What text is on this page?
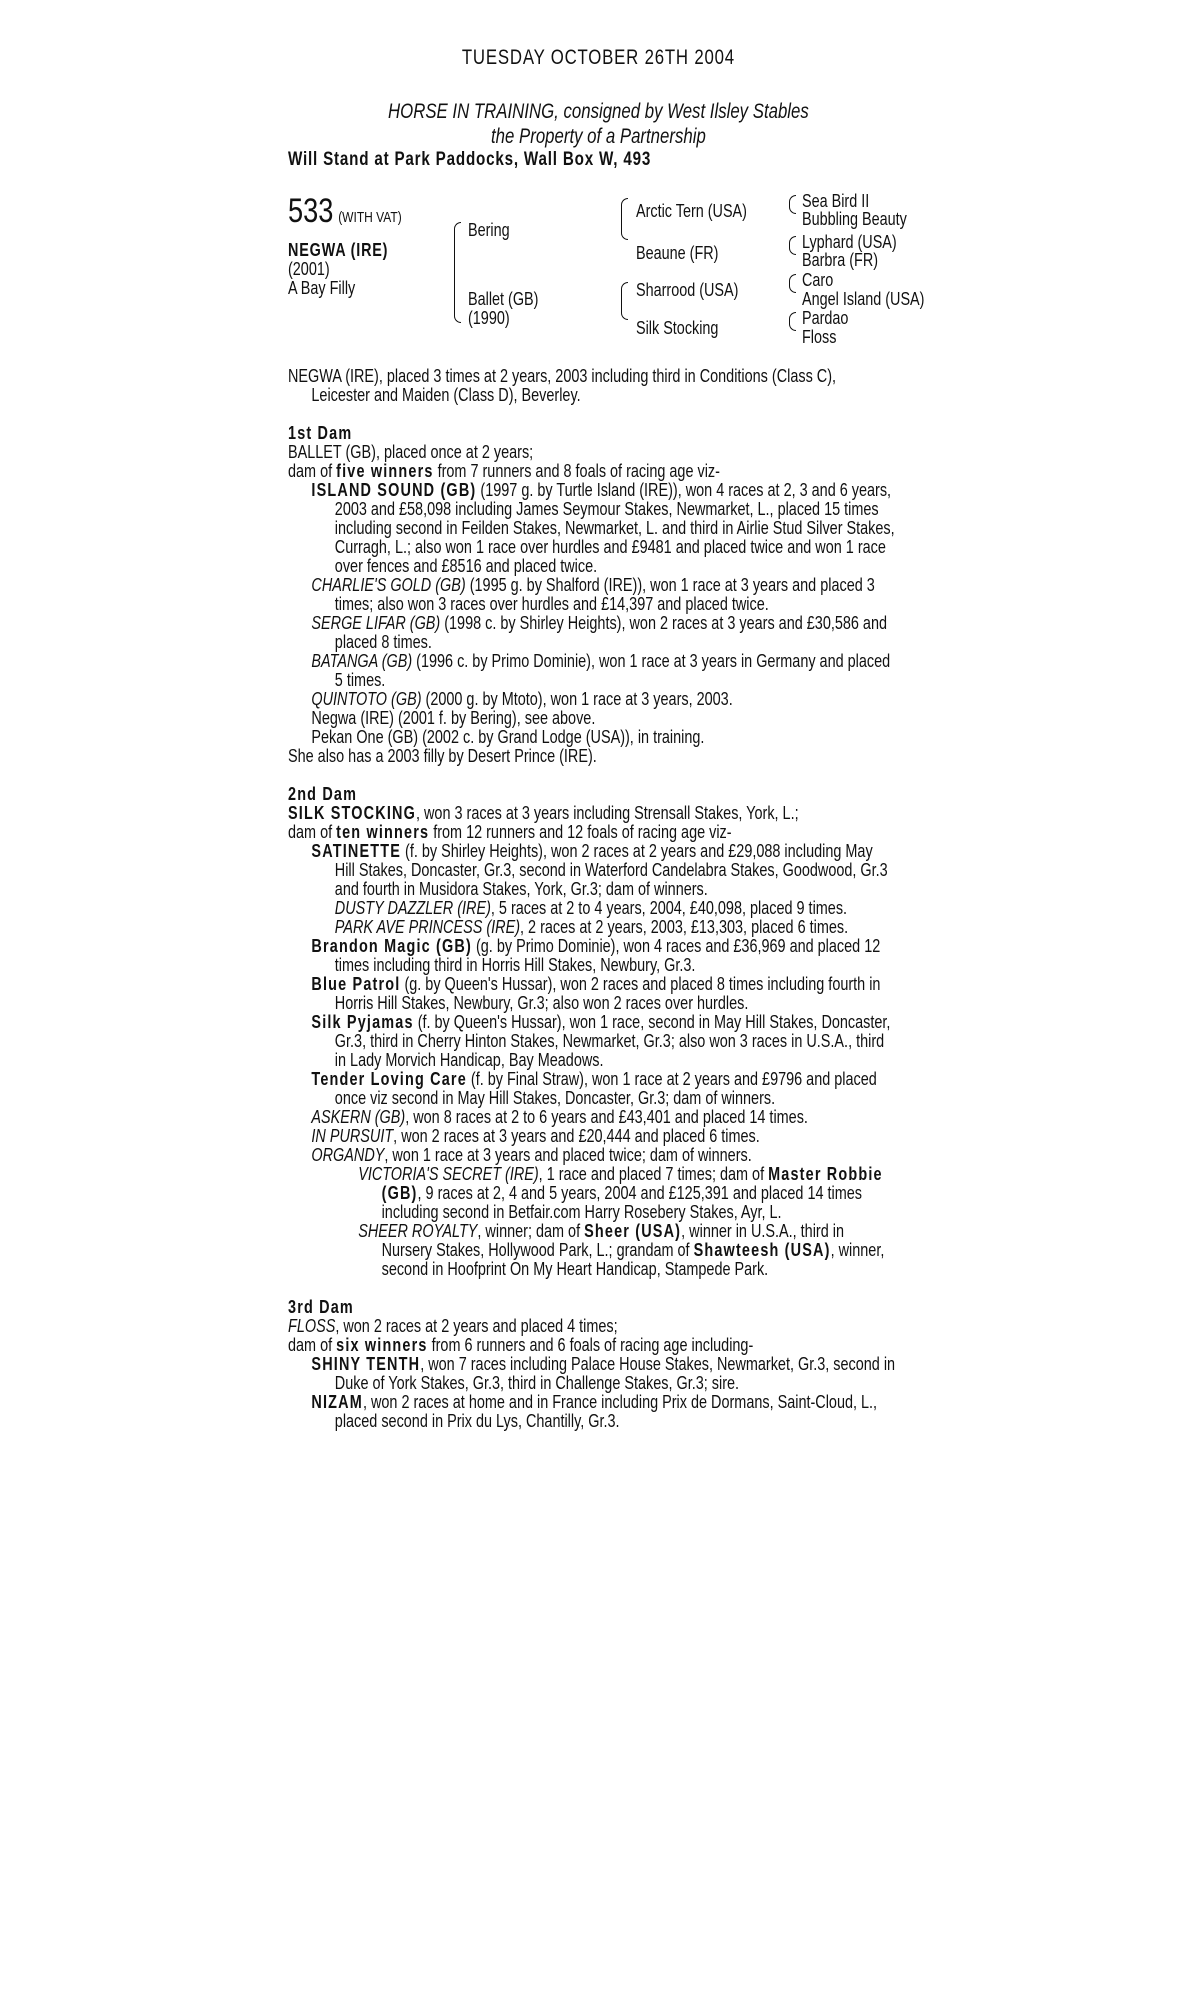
TUESDAY OCTOBER 26TH 2004
HORSE IN TRAINING, consigned by West Ilsley Stables
the Property of a Partnership
Will Stand at Park Paddocks, Wall Box W, 493
533 (WITH VAT)
NEGWA (IRE)
(2001)
A Bay Filly
Bering
Ballet (GB)
(1990)
Arctic Tern (USA)
Beaune (FR)
Sharrood (USA)
Silk Stocking
Sea Bird II
Bubbling Beauty
Lyphard (USA)
Barbra (FR)
Caro
Angel Island (USA)
Pardao
Floss

NEGWA (IRE), placed 3 times at 2 years, 2003 including third in Conditions (Class C),

Leicester and Maiden (Class D), Beverley.

1st Dam

BALLET (GB), placed once at 2 years;

dam of five winners from 7 runners and 8 foals of racing age viz-

ISLAND SOUND (GB) (1997 g. by Turtle Island (IRE)), won 4 races at 2, 3 and 6 years, 2003 and £58,098 including James Seymour Stakes, Newmarket, L., placed 15 times including second in Feilden Stakes, Newmarket, L. and third in Airlie Stud Silver Stakes, Curragh, L.; also won 1 race over hurdles and £9481 and placed twice and won 1 race over fences and £8516 and placed twice.

CHARLIE'S GOLD (GB) (1995 g. by Shalford (IRE)), won 1 race at 3 years and placed 3 times; also won 3 races over hurdles and £14,397 and placed twice.

SERGE LIFAR (GB) (1998 c. by Shirley Heights), won 2 races at 3 years and £30,586 and placed 8 times.

BATANGA (GB) (1996 c. by Primo Dominie), won 1 race at 3 years in Germany and placed 5 times.

QUINTOTO (GB) (2000 g. by Mtoto), won 1 race at 3 years, 2003.

Negwa (IRE) (2001 f. by Bering), see above.

Pekan One (GB) (2002 c. by Grand Lodge (USA)), in training.

She also has a 2003 filly by Desert Prince (IRE).

2nd Dam

SILK STOCKING, won 3 races at 3 years including Strensall Stakes, York, L.;

dam of ten winners from 12 runners and 12 foals of racing age viz-

SATINETTE (f. by Shirley Heights), won 2 races at 2 years and £29,088 including May Hill Stakes, Doncaster, Gr.3, second in Waterford Candelabra Stakes, Goodwood, Gr.3 and fourth in Musidora Stakes, York, Gr.3; dam of winners.

DUSTY DAZZLER (IRE), 5 races at 2 to 4 years, 2004, £40,098, placed 9 times.

PARK AVE PRINCESS (IRE), 2 races at 2 years, 2003, £13,303, placed 6 times.

Brandon Magic (GB) (g. by Primo Dominie), won 4 races and £36,969 and placed 12 times including third in Horris Hill Stakes, Newbury, Gr.3.

Blue Patrol (g. by Queen's Hussar), won 2 races and placed 8 times including fourth in Horris Hill Stakes, Newbury, Gr.3; also won 2 races over hurdles.

Silk Pyjamas (f. by Queen's Hussar), won 1 race, second in May Hill Stakes, Doncaster, Gr.3, third in Cherry Hinton Stakes, Newmarket, Gr.3; also won 3 races in U.S.A., third in Lady Morvich Handicap, Bay Meadows.

Tender Loving Care (f. by Final Straw), won 1 race at 2 years and £9796 and placed once viz second in May Hill Stakes, Doncaster, Gr.3; dam of winners.

ASKERN (GB), won 8 races at 2 to 6 years and £43,401 and placed 14 times.

IN PURSUIT, won 2 races at 3 years and £20,444 and placed 6 times.

ORGANDY, won 1 race at 3 years and placed twice; dam of winners.

VICTORIA'S SECRET (IRE), 1 race and placed 7 times; dam of Master Robbie (GB), 9 races at 2, 4 and 5 years, 2004 and £125,391 and placed 14 times including second in Betfair.com Harry Rosebery Stakes, Ayr, L.

SHEER ROYALTY, winner; dam of Sheer (USA), winner in U.S.A., third in Nursery Stakes, Hollywood Park, L.; grandam of Shawteesh (USA), winner, second in Hoofprint On My Heart Handicap, Stampede Park.

3rd Dam

FLOSS, won 2 races at 2 years and placed 4 times;

dam of six winners from 6 runners and 6 foals of racing age including-

SHINY TENTH, won 7 races including Palace House Stakes, Newmarket, Gr.3, second in Duke of York Stakes, Gr.3, third in Challenge Stakes, Gr.3; sire.

NIZAM, won 2 races at home and in France including Prix de Dormans, Saint-Cloud, L., placed second in Prix du Lys, Chantilly, Gr.3.
